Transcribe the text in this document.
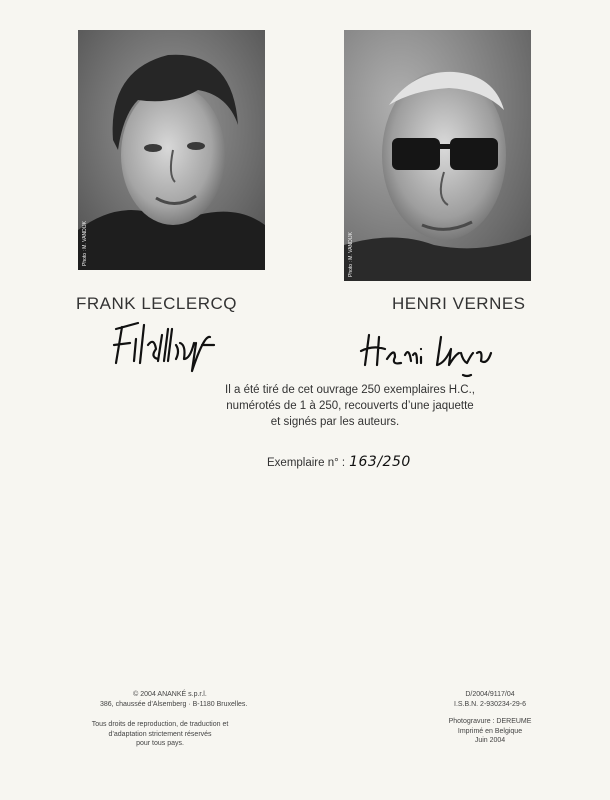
Photo : M. VANDIJK	Photo : M. VANDIJK
FRANK LECLERCQ	HENRI VERNES
Il a été tiré de cet ouvrage 250 exemplaires H.C.,
numérotés de 1 à 250, recouverts d’une jaquette
et signés par les auteurs.
Exemplaire n° : 163/250
© 2004 ANANKÉ s.p.r.l.
386, chaussée d’Alsemberg · B-1180 Bruxelles.
Tous droits de reproduction, de traduction et
d’adaptation strictement réservés
pour tous pays.
D/2004/9117/04
I.S.B.N. 2-930234-29-6
Photogravure : DEREUME
Imprimé en Belgique
Juin 2004
